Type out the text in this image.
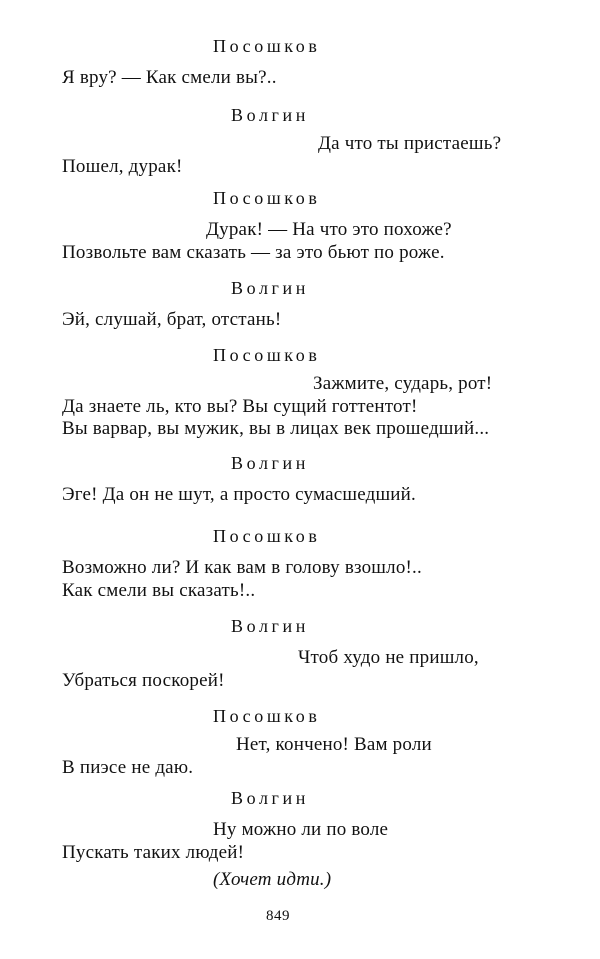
Посошков
Я вру? — Как смели вы?..
Волгин
Да что ты пристаешь?
Пошел, дурак!
Посошков
Дурак! — На что это похоже?
Позвольте вам сказать — за это бьют по роже.
Волгин
Эй, слушай, брат, отстань!
Посошков
Зажмите, сударь, рот!
Да знаете ль, кто вы? Вы сущий готтентот!
Вы варвар, вы мужик, вы в лицах век прошедший...
Волгин
Эге! Да он не шут, а просто сумасшедший.
Посошков
Возможно ли? И как вам в голову взошло!..
Как смели вы сказать!..
Волгин
Чтоб худо не пришло,
Убраться поскорей!
Посошков
Нет, кончено! Вам роли
В пиэсе не даю.
Волгин
Ну можно ли по воле
Пускать таких людей!
(Хочет идти.)
849
